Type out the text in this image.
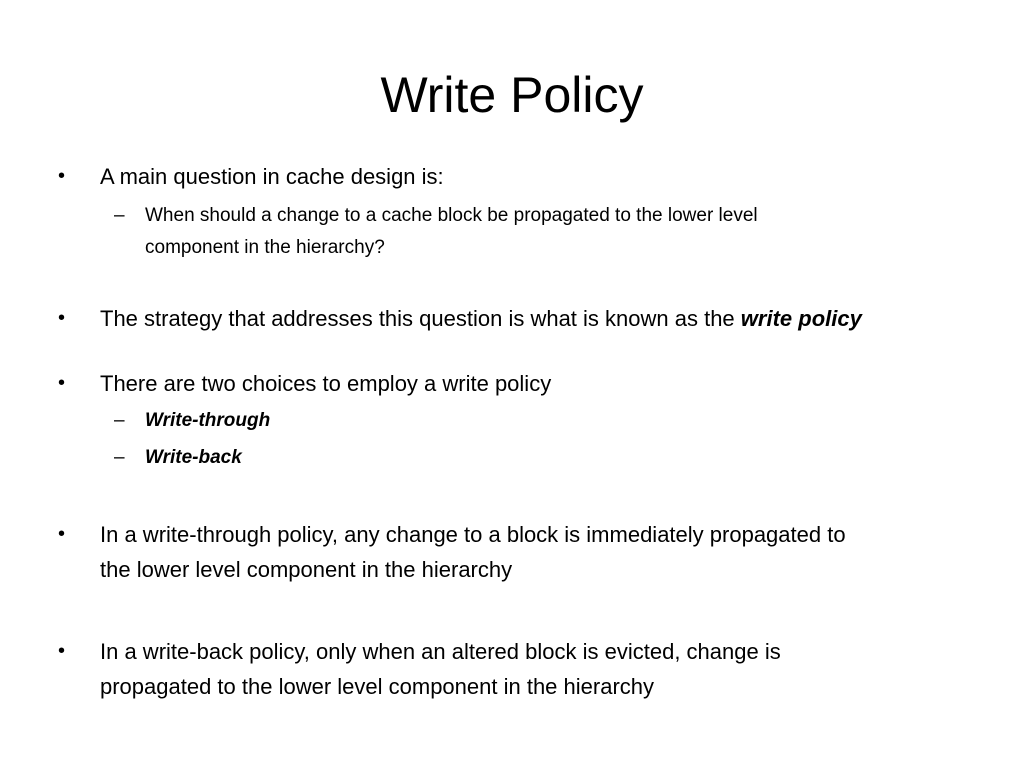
Write Policy
• A main question in cache design is:
– When should a change to a cache block be propagated to the lower level
component in the hierarchy?
• The strategy that addresses this question is what is known as the write policy
• There are two choices to employ a write policy
– Write-through
– Write-back
• In a write-through policy, any change to a block is immediately propagated to
the lower level component in the hierarchy
• In a write-back policy, only when an altered block is evicted, change is
propagated to the lower level component in the hierarchy
